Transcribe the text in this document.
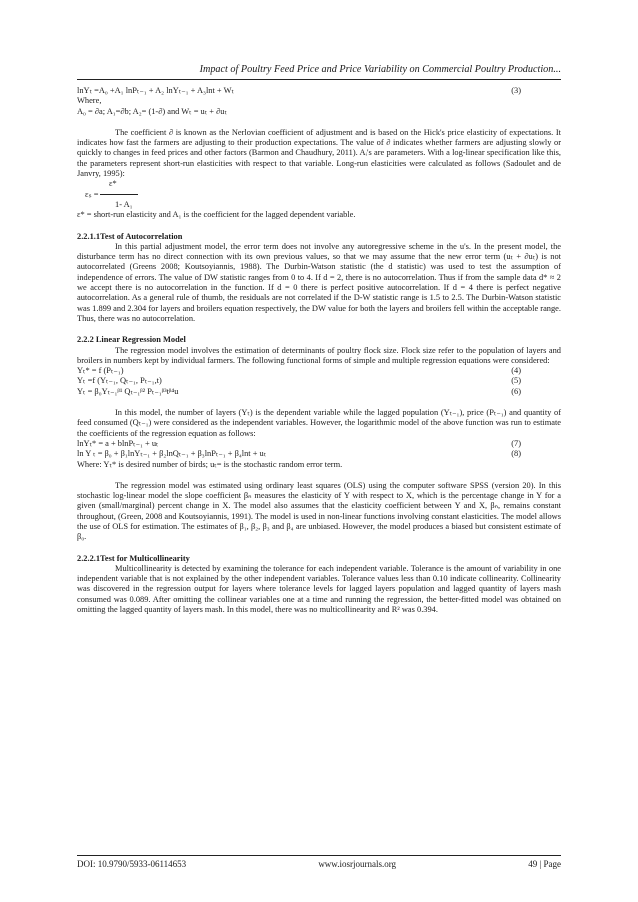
Impact of Poultry Feed Price and Price Variability on Commercial Poultry Production...
lnYₜ =A₀ +A₁ lnPₜ₋₁ + A₂ lnYₜ₋₁ + A₃lnt + Wₜ	(3)
Where,
A₀ = ∂a; A₁=∂b; A₂= (1-∂) and Wₜ = uₜ + ∂uₜ

The coefficient ∂ is known as the Nerlovian coefficient of adjustment and is based on the Hick's price elasticity of expectations. It indicates how fast the farmers are adjusting to their production expectations. The value of ∂ indicates whether farmers are adjusting slowly or quickly to changes in feed prices and other factors (Barmon and Chaudhury, 2011). Aᵢ's are parameters. With a log-linear specification like this, the parameters represent short-run elasticities with respect to that variable. Long-run elasticities were calculated as follows (Sadoulet and de Janvry, 1995):

ε*
εₛ =
1- A₁
ε* = short-run elasticity and A₁ is the coefficient for the lagged dependent variable.
2.2.1.1Test of Autocorrelation

In this partial adjustment model, the error term does not involve any autoregressive scheme in the u's. In the present model, the disturbance term has no direct connection with its own previous values, so that we may assume that the new error term (uₜ + ∂uₜ) is not autocorrelated (Greens 2008; Koutsoyiannis, 1988). The Durbin-Watson statistic (the d statistic) was used to test the assumption of independence of errors. The value of DW statistic ranges from 0 to 4. If d = 2, there is no autocorrelation. Thus if from the sample data d* ≈ 2 we accept there is no autocorrelation in the function. If d = 0 there is perfect positive autocorrelation. If d = 4 there is perfect negative autocorrelation. As a general rule of thumb, the residuals are not correlated if the D-W statistic range is 1.5 to 2.5. The Durbin-Watson statistic was 1.899 and 2.304 for layers and broilers equation respectively, the DW value for both the layers and broilers fell within the acceptable range. Thus, there was no autocorrelation.

2.2.2 Linear Regression Model

The regression model involves the estimation of determinants of poultry flock size. Flock size refer to the population of layers and broilers in numbers kept by individual farmers. The following functional forms of simple and multiple regression equations were considered:

Yₜ* = f (Pₜ₋₁)	(4)
Yₜ =f (Yₜ₋₁, Qₜ₋₁, Pₜ₋₁,t)	(5)
Yₜ = β₀Yₜ₋₁ᵝ¹ Qₜ₋₁ᵝ² Pₜ₋₁ᵝ³tᵝ⁴u	(6)

In this model, the number of layers (Yₜ) is the dependent variable while the lagged population (Yₜ₋₁), price (Pₜ₋₁) and quantity of feed consumed (Qₜ₋₁) were considered as the independent variables. However, the logarithmic model of the above function was run to estimate the coefficients of the regression equation as follows:

lnYₜ* = a + blnPₜ₋₁ + uₜ	(7)
ln Y ₜ = β₀ + β₁lnYₜ₋₁ + β₂lnQₜ₋₁ + β₃lnPₜ₋₁ + β₄lnt + uₜ	(8)
Where: Yₜ* is desired number of birds; uₜ= is the stochastic random error term.

The regression model was estimated using ordinary least squares (OLS) using the computer software SPSS (version 20). In this stochastic log-linear model the slope coefficient βₙ measures the elasticity of Y with respect to X, which is the percentage change in Y for a given (small/marginal) percent change in X. The model also assumes that the elasticity coefficient between Y and X, βₙ, remains constant throughout, (Green, 2008 and Koutsoyiannis, 1991). The model is used in non-linear functions involving constant elasticities. The model allows the use of OLS for estimation. The estimates of β₁, β₂, β₃ and β₄ are unbiased. However, the model produces a biased but consistent estimate of β₀.

2.2.2.1Test for Multicollinearity

Multicollinearity is detected by examining the tolerance for each independent variable. Tolerance is the amount of variability in one independent variable that is not explained by the other independent variables. Tolerance values less than 0.10 indicate collinearity. Collinearity was discovered in the regression output for layers where tolerance levels for lagged layers population and lagged quantity of layers mash consumed was 0.089. After omitting the collinear variables one at a time and running the regression, the better-fitted model was obtained on omitting the lagged quantity of layers mash. In this model, there was no multicollinearity and R² was 0.394.

DOI: 10.9790/5933-06114653	www.iosrjournals.org	49 | Page
